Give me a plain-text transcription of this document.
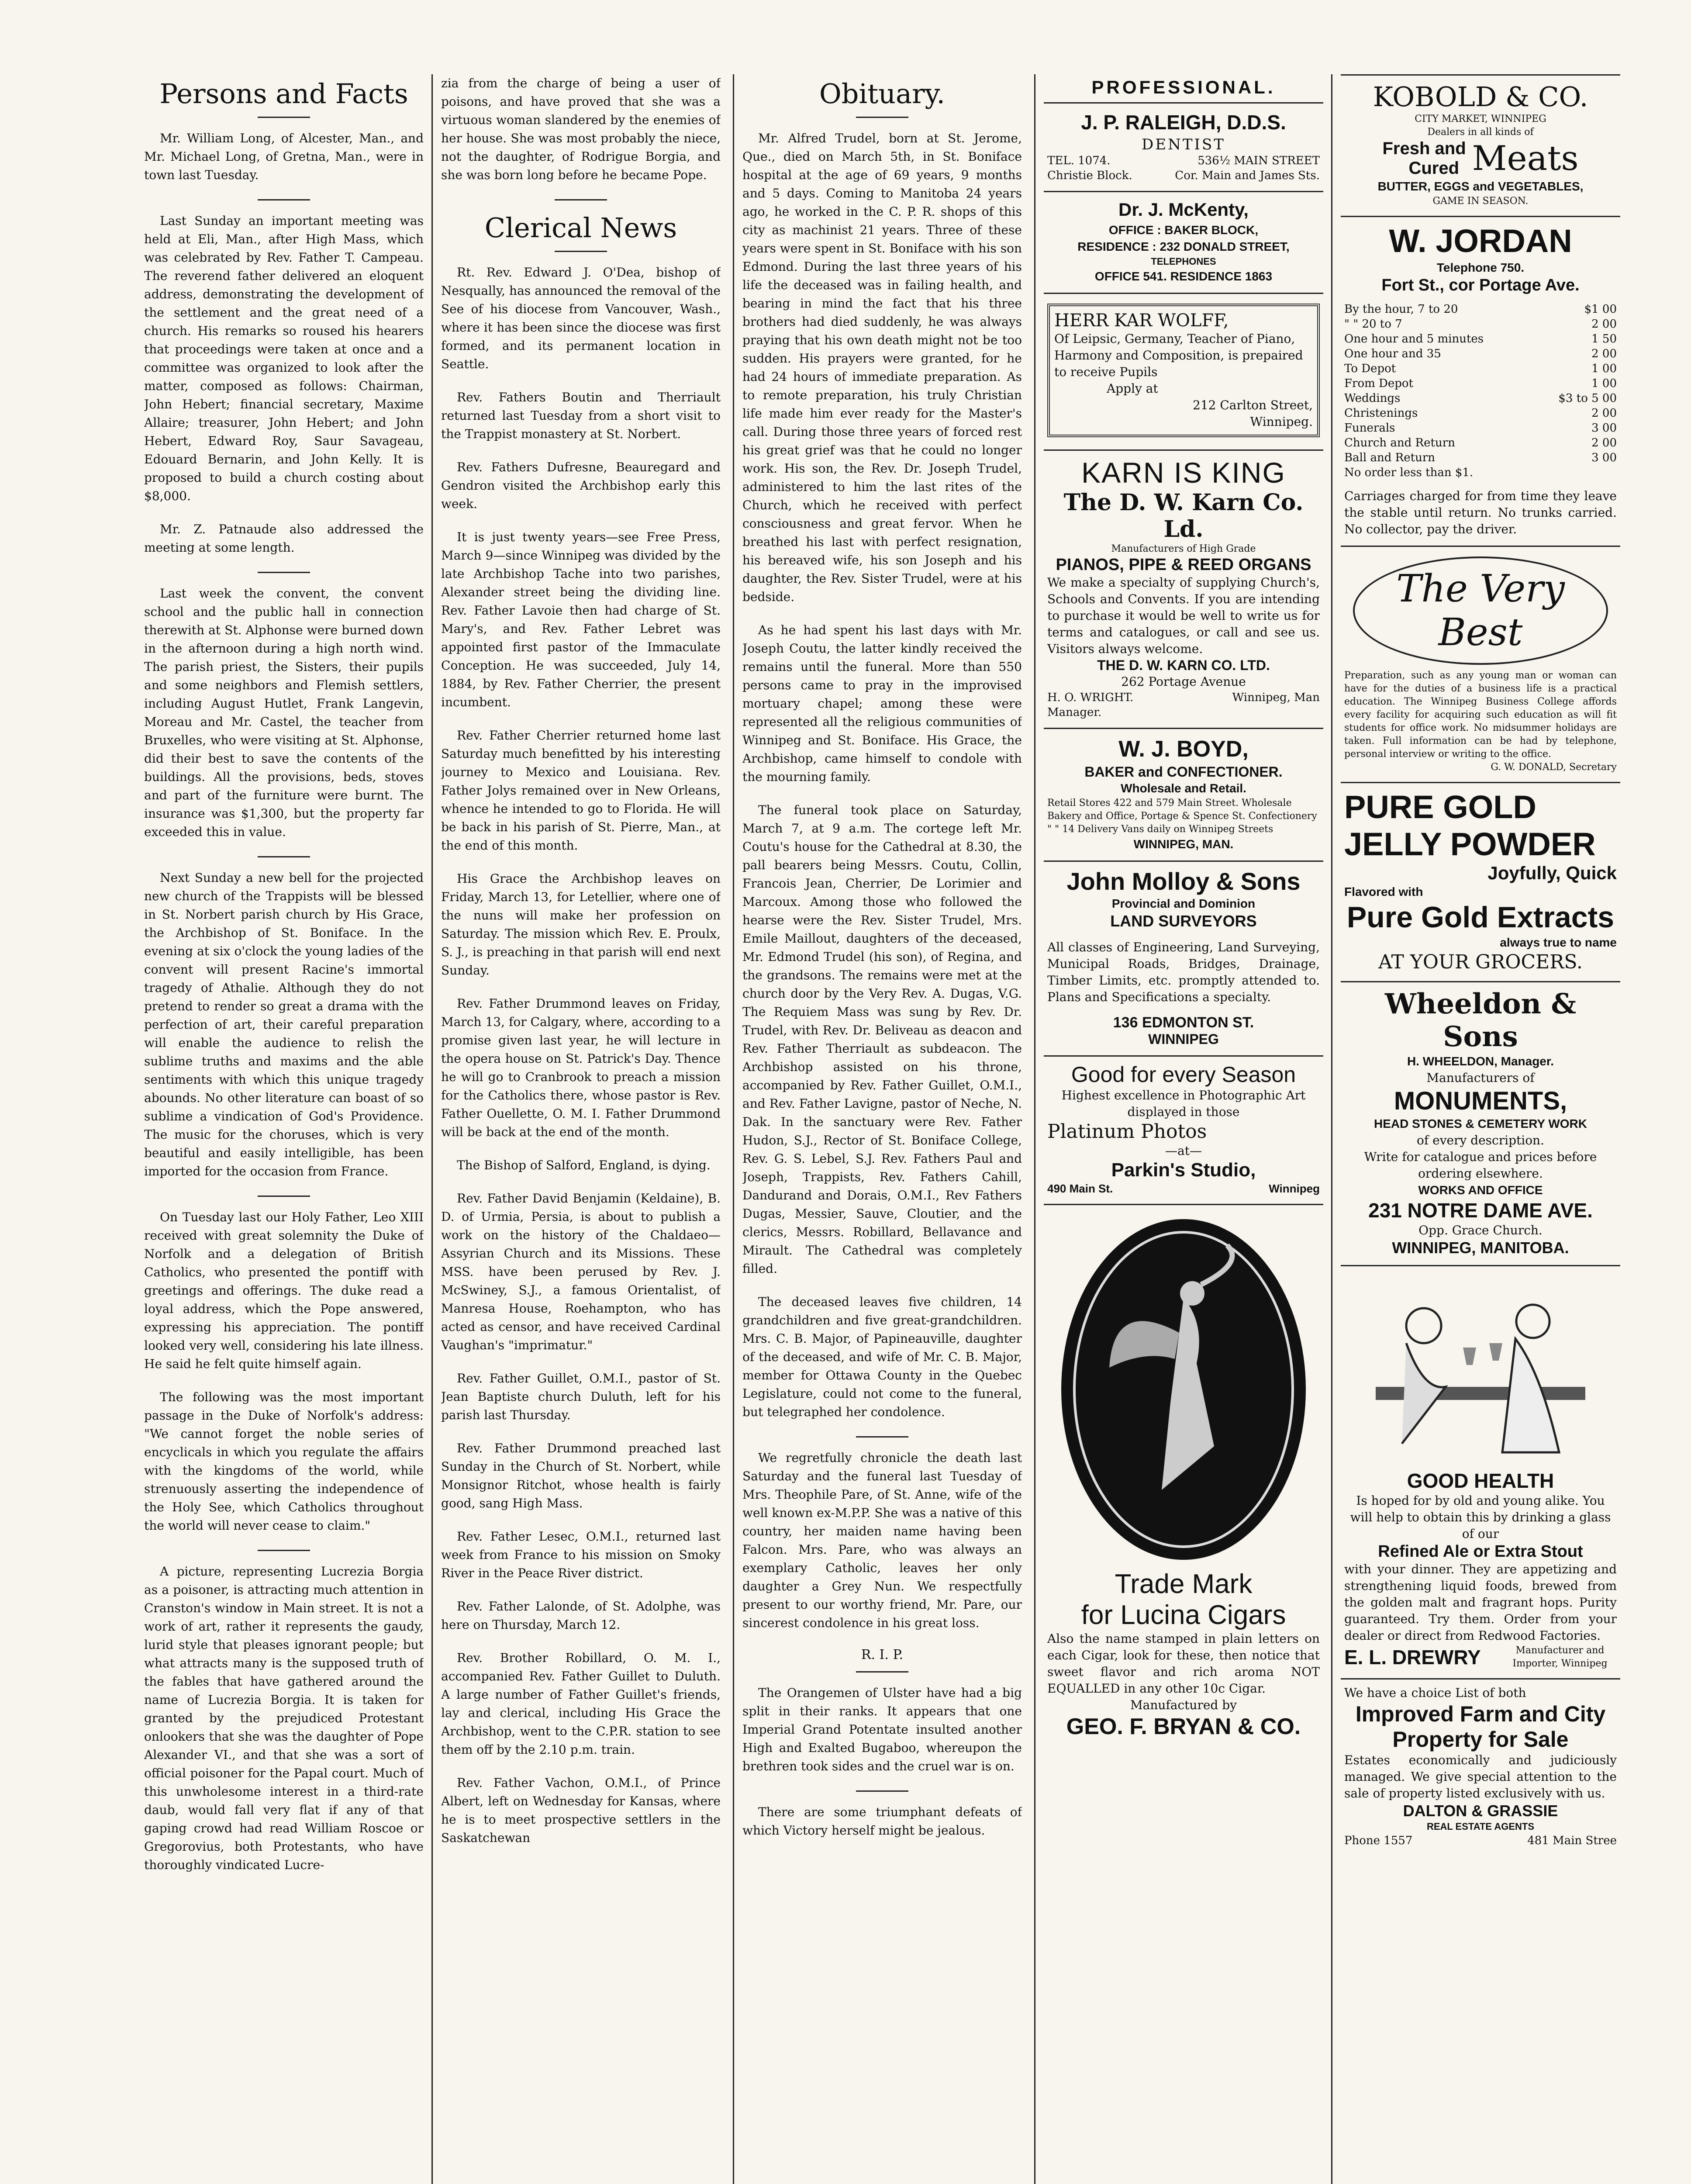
Persons and Facts

Mr. William Long, of Alcester, Man., and Mr. Michael Long, of Gretna, Man., were in town last Tuesday.

Last Sunday an important meeting was held at Eli, Man., after High Mass, which was celebrated by Rev. Father T. Campeau. The reverend father delivered an eloquent address, demonstrating the development of the settlement and the great need of a church. His remarks so roused his hearers that proceedings were taken at once and a committee was organized to look after the matter, composed as follows: Chairman, John Hebert; financial secretary, Maxime Allaire; treasurer, John Hebert; and John Hebert, Edward Roy, Saur Savageau, Edouard Bernarin, and John Kelly. It is proposed to build a church costing about $8,000.

Mr. Z. Patnaude also addressed the meeting at some length.

Last week the convent, the convent school and the public hall in connection therewith at St. Alphonse were burned down in the afternoon during a high north wind. The parish priest, the Sisters, their pupils and some neighbors and Flemish settlers, including August Hutlet, Frank Langevin, Moreau and Mr. Castel, the teacher from Bruxelles, who were visiting at St. Alphonse, did their best to save the contents of the buildings. All the provisions, beds, stoves and part of the furniture were burnt. The insurance was $1,300, but the property far exceeded this in value.

Next Sunday a new bell for the projected new church of the Trappists will be blessed in St. Norbert parish church by His Grace, the Archbishop of St. Boniface. In the evening at six o'clock the young ladies of the convent will present Racine's immortal tragedy of Athalie. Although they do not pretend to render so great a drama with the perfection of art, their careful preparation will enable the audience to relish the sublime truths and maxims and the able sentiments with which this unique tragedy abounds. No other literature can boast of so sublime a vindication of God's Providence. The music for the choruses, which is very beautiful and easily intelligible, has been imported for the occasion from France.

On Tuesday last our Holy Father, Leo XIII received with great solemnity the Duke of Norfolk and a delegation of British Catholics, who presented the pontiff with greetings and offerings. The duke read a loyal address, which the Pope answered, expressing his appreciation. The pontiff looked very well, considering his late illness. He said he felt quite himself again.

The following was the most important passage in the Duke of Norfolk's address: "We cannot forget the noble series of encyclicals in which you regulate the affairs with the kingdoms of the world, while strenuously asserting the independence of the Holy See, which Catholics throughout the world will never cease to claim."

A picture, representing Lucrezia Borgia as a poisoner, is attracting much attention in Cranston's window in Main street. It is not a work of art, rather it represents the gaudy, lurid style that pleases ignorant people; but what attracts many is the supposed truth of the fables that have gathered around the name of Lucrezia Borgia. It is taken for granted by the prejudiced Protestant onlookers that she was the daughter of Pope Alexander VI., and that she was a sort of official poisoner for the Papal court. Much of this unwholesome interest in a third-rate daub, would fall very flat if any of that gaping crowd had read William Roscoe or Gregorovius, both Protestants, who have thoroughly vindicated Lucre-

zia from the charge of being a user of poisons, and have proved that she was a virtuous woman slandered by the enemies of her house. She was most probably the niece, not the daughter, of Rodrigue Borgia, and she was born long before he became Pope.

Clerical News

Rt. Rev. Edward J. O'Dea, bishop of Nesqually, has announced the removal of the See of his diocese from Vancouver, Wash., where it has been since the diocese was first formed, and its permanent location in Seattle.

Rev. Fathers Boutin and Therriault returned last Tuesday from a short visit to the Trappist monastery at St. Norbert.

Rev. Fathers Dufresne, Beauregard and Gendron visited the Archbishop early this week.

It is just twenty years—see Free Press, March 9—since Winnipeg was divided by the late Archbishop Tache into two parishes, Alexander street being the dividing line. Rev. Father Lavoie then had charge of St. Mary's, and Rev. Father Lebret was appointed first pastor of the Immaculate Conception. He was succeeded, July 14, 1884, by Rev. Father Cherrier, the present incumbent.

Rev. Father Cherrier returned home last Saturday much benefitted by his interesting journey to Mexico and Louisiana. Rev. Father Jolys remained over in New Orleans, whence he intended to go to Florida. He will be back in his parish of St. Pierre, Man., at the end of this month.

His Grace the Archbishop leaves on Friday, March 13, for Letellier, where one of the nuns will make her profession on Saturday. The mission which Rev. E. Proulx, S. J., is preaching in that parish will end next Sunday.

Rev. Father Drummond leaves on Friday, March 13, for Calgary, where, according to a promise given last year, he will lecture in the opera house on St. Patrick's Day. Thence he will go to Cranbrook to preach a mission for the Catholics there, whose pastor is Rev. Father Ouellette, O. M. I. Father Drummond will be back at the end of the month.

The Bishop of Salford, England, is dying.

Rev. Father David Benjamin (Keldaine), B. D. of Urmia, Persia, is about to publish a work on the history of the Chaldaeo—Assyrian Church and its Missions. These MSS. have been perused by Rev. J. McSwiney, S.J., a famous Orientalist, of Manresa House, Roehampton, who has acted as censor, and have received Cardinal Vaughan's "imprimatur."

Rev. Father Guillet, O.M.I., pastor of St. Jean Baptiste church Duluth, left for his parish last Thursday.

Rev. Father Drummond preached last Sunday in the Church of St. Norbert, while Monsignor Ritchot, whose health is fairly good, sang High Mass.

Rev. Father Lesec, O.M.I., returned last week from France to his mission on Smoky River in the Peace River district.

Rev. Father Lalonde, of St. Adolphe, was here on Thursday, March 12.

Rev. Brother Robillard, O. M. I., accompanied Rev. Father Guillet to Duluth. A large number of Father Guillet's friends, lay and clerical, including His Grace the Archbishop, went to the C.P.R. station to see them off by the 2.10 p.m. train.

Rev. Father Vachon, O.M.I., of Prince Albert, left on Wednesday for Kansas, where he is to meet prospective settlers in the Saskatchewan

Obituary.

Mr. Alfred Trudel, born at St. Jerome, Que., died on March 5th, in St. Boniface hospital at the age of 69 years, 9 months and 5 days. Coming to Manitoba 24 years ago, he worked in the C. P. R. shops of this city as machinist 21 years. Three of these years were spent in St. Boniface with his son Edmond. During the last three years of his life the deceased was in failing health, and bearing in mind the fact that his three brothers had died suddenly, he was always praying that his own death might not be too sudden. His prayers were granted, for he had 24 hours of immediate preparation. As to remote preparation, his truly Christian life made him ever ready for the Master's call. During those three years of forced rest his great grief was that he could no longer work. His son, the Rev. Dr. Joseph Trudel, administered to him the last rites of the Church, which he received with perfect consciousness and great fervor. When he breathed his last with perfect resignation, his bereaved wife, his son Joseph and his daughter, the Rev. Sister Trudel, were at his bedside.

As he had spent his last days with Mr. Joseph Coutu, the latter kindly received the remains until the funeral. More than 550 persons came to pray in the improvised mortuary chapel; among these were represented all the religious communities of Winnipeg and St. Boniface. His Grace, the Archbishop, came himself to condole with the mourning family.

The funeral took place on Saturday, March 7, at 9 a.m. The cortege left Mr. Coutu's house for the Cathedral at 8.30, the pall bearers being Messrs. Coutu, Collin, Francois Jean, Cherrier, De Lorimier and Marcoux. Among those who followed the hearse were the Rev. Sister Trudel, Mrs. Emile Maillout, daughters of the deceased, Mr. Edmond Trudel (his son), of Regina, and the grandsons. The remains were met at the church door by the Very Rev. A. Dugas, V.G. The Requiem Mass was sung by Rev. Dr. Trudel, with Rev. Dr. Beliveau as deacon and Rev. Father Therriault as subdeacon. The Archbishop assisted on his throne, accompanied by Rev. Father Guillet, O.M.I., and Rev. Father Lavigne, pastor of Neche, N. Dak. In the sanctuary were Rev. Father Hudon, S.J., Rector of St. Boniface College, Rev. G. S. Lebel, S.J. Rev. Fathers Paul and Joseph, Trappists, Rev. Fathers Cahill, Dandurand and Dorais, O.M.I., Rev Fathers Dugas, Messier, Sauve, Cloutier, and the clerics, Messrs. Robillard, Bellavance and Mirault. The Cathedral was completely filled.

The deceased leaves five children, 14 grandchildren and five great-grandchildren. Mrs. C. B. Major, of Papineauville, daughter of the deceased, and wife of Mr. C. B. Major, member for Ottawa County in the Quebec Legislature, could not come to the funeral, but telegraphed her condolence.

We regretfully chronicle the death last Saturday and the funeral last Tuesday of Mrs. Theophile Pare, of St. Anne, wife of the well known ex-M.P.P. She was a native of this country, her maiden name having been Falcon. Mrs. Pare, who was always an exemplary Catholic, leaves her only daughter a Grey Nun. We respectfully present to our worthy friend, Mr. Pare, our sincerest condolence in his great loss.

R. I. P.

The Orangemen of Ulster have had a big split in their ranks. It appears that one Imperial Grand Potentate insulted another High and Exalted Bugaboo, whereupon the brethren took sides and the cruel war is on.

There are some triumphant defeats of which Victory herself might be jealous.

PROFESSIONAL.
J. P. RALEIGH, D.D.S.
DENTIST
TEL. 1074.	536½ MAIN STREET
Christie Block.	Cor. Main and James Sts.
Dr. J. McKenty,
OFFICE : BAKER BLOCK,
RESIDENCE : 232 DONALD STREET,
TELEPHONES
OFFICE 541. RESIDENCE 1863
HERR KAR WOLFF,
Of Leipsic, Germany, Teacher of Piano, Harmony and Composition, is prepaired to receive Pupils
Apply at
212 Carlton Street,
Winnipeg.
KARN IS KING
The D. W. Karn Co. Ld.
Manufacturers of High Grade
PIANOS, PIPE & REED ORGANS
We make a specialty of supplying Church's, Schools and Convents. If you are intending to purchase it would be well to write us for terms and catalogues, or call and see us. Visitors always welcome.
THE D. W. KARN CO. LTD.
262 Portage Avenue
H. O. WRIGHT.	Winnipeg, Man
Manager.
W. J. BOYD,
BAKER and CONFECTIONER.
Wholesale and Retail.
Retail Stores 422 and 579 Main Street. Wholesale Bakery and Office, Portage & Spence St. Confectionery " " 14 Delivery Vans daily on Winnipeg Streets
WINNIPEG, MAN.
John Molloy & Sons
Provincial and Dominion
LAND SURVEYORS
All classes of Engineering, Land Surveying, Municipal Roads, Bridges, Drainage, Timber Limits, etc. promptly attended to. Plans and Specifications a specialty.
136 EDMONTON ST.
WINNIPEG
Good for every Season
Highest excellence in Photographic Art displayed in those
Platinum Photos
—at—
Parkin's Studio,
490 Main St.	Winnipeg
Trade Mark
for Lucina Cigars
Also the name stamped in plain letters on each Cigar, look for these, then notice that sweet flavor and rich aroma NOT EQUALLED in any other 10c Cigar.
Manufactured by
GEO. F. BRYAN & CO.
KOBOLD & CO.
CITY MARKET, WINNIPEG
Dealers in all kinds of
Fresh and
Cured Meats
BUTTER, EGGS and VEGETABLES,
GAME IN SEASON.
W. JORDAN
Telephone 750.
Fort St., cor Portage Ave.
By the hour, 7 to 20	$1 00
" " 20 to 7	2 00
One hour and 5 minutes	1 50
One hour and 35	2 00
To Depot	1 00
From Depot	1 00
Weddings	$3 to 5 00
Christenings	2 00
Funerals	3 00
Church and Return	2 00
Ball and Return	3 00
No order less than $1.
Carriages charged for from time they leave the stable until return. No trunks carried. No collector, pay the driver.
The Very Best
Preparation, such as any young man or woman can have for the duties of a business life is a practical education. The Winnipeg Business College affords every facility for acquiring such education as will fit students for office work. No midsummer holidays are taken. Full information can be had by telephone, personal interview or writing to the office.
G. W. DONALD, Secretary
PURE GOLD
JELLY POWDER
Joyfully, Quick
Flavored with
Pure Gold Extracts
always true to name
AT YOUR GROCERS.
Wheeldon & Sons
H. WHEELDON, Manager.
Manufacturers of
MONUMENTS,
HEAD STONES & CEMETERY WORK
of every description.
Write for catalogue and prices before ordering elsewhere.
WORKS AND OFFICE
231 NOTRE DAME AVE.
Opp. Grace Church.
WINNIPEG, MANITOBA.
GOOD HEALTH
Is hoped for by old and young alike. You will help to obtain this by drinking a glass of our
Refined Ale or Extra Stout
with your dinner. They are appetizing and strengthening liquid foods, brewed from the golden malt and fragrant hops. Purity guaranteed. Try them. Order from your dealer or direct from Redwood Factories.
E. L. DREWRY	Manufacturer and Importer, Winnipeg
We have a choice List of both
Improved Farm and City Property for Sale
Estates economically and judiciously managed. We give special attention to the sale of property listed exclusively with us.
DALTON & GRASSIE
REAL ESTATE AGENTS
Phone 1557	481 Main Stree
